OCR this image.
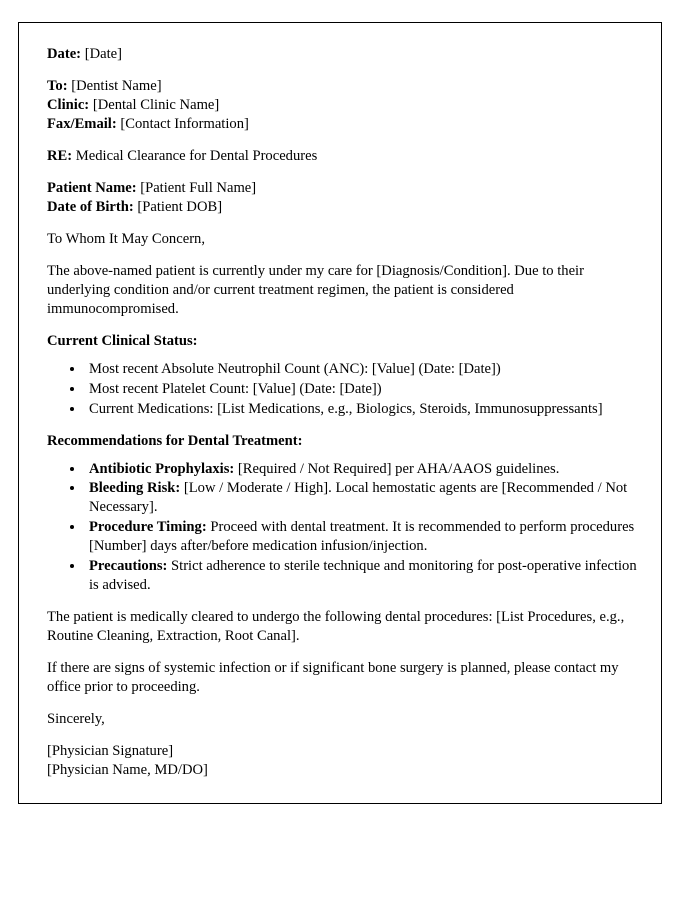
Date: [Date]
To: [Dentist Name]
Clinic: [Dental Clinic Name]
Fax/Email: [Contact Information]
RE: Medical Clearance for Dental Procedures
Patient Name: [Patient Full Name]
Date of Birth: [Patient DOB]
To Whom It May Concern,
The above-named patient is currently under my care for [Diagnosis/Condition]. Due to their underlying condition and/or current treatment regimen, the patient is considered immunocompromised.
Current Clinical Status:
• Most recent Absolute Neutrophil Count (ANC): [Value] (Date: [Date])
• Most recent Platelet Count: [Value] (Date: [Date])
• Current Medications: [List Medications, e.g., Biologics, Steroids, Immunosuppressants]
Recommendations for Dental Treatment:
• Antibiotic Prophylaxis: [Required / Not Required] per AHA/AAOS guidelines.
• Bleeding Risk: [Low / Moderate / High]. Local hemostatic agents are [Recommended / Not Necessary].
• Procedure Timing: Proceed with dental treatment. It is recommended to perform procedures [Number] days after/before medication infusion/injection.
• Precautions: Strict adherence to sterile technique and monitoring for post-operative infection is advised.
The patient is medically cleared to undergo the following dental procedures: [List Procedures, e.g., Routine Cleaning, Extraction, Root Canal].
If there are signs of systemic infection or if significant bone surgery is planned, please contact my office prior to proceeding.
Sincerely,
[Physician Signature]
[Physician Name, MD/DO]
